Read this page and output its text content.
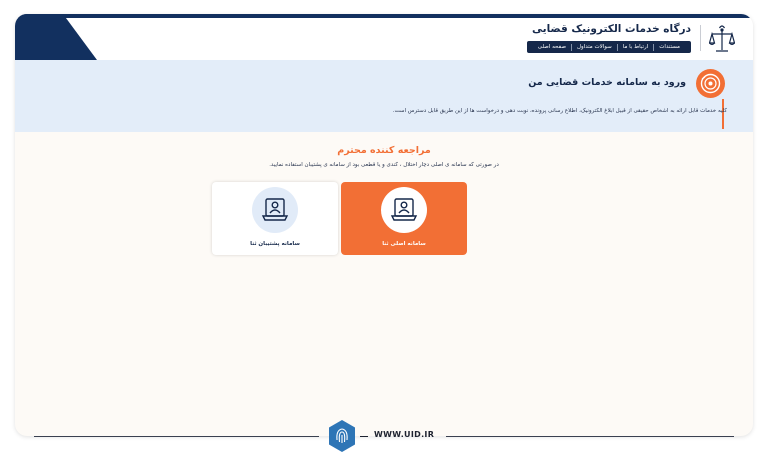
درگاه خدمات الکترونیک قضایی
صفحه اصلی	سوالات متداول	ارتباط با ما	مستندات
ورود به سامانه خدمات قضایی من
کلیه خدمات قابل ارائه به اشخاص حقیقی از قبیل ابلاغ الکترونیک، اطلاع رسانی پرونده، نوبت دهی و درخواست ها از این طریق قابل دسترس است.
مراجعه کننده محترم
در صورتی که سامانه ی اصلی دچار اختلال ، کندی و یا قطعی بود از سامانه ی پشتیبان استفاده نمایید.
سامانه اصلی ثنا
سامانه پشتیبان ثنا
WWW.UID.IR
